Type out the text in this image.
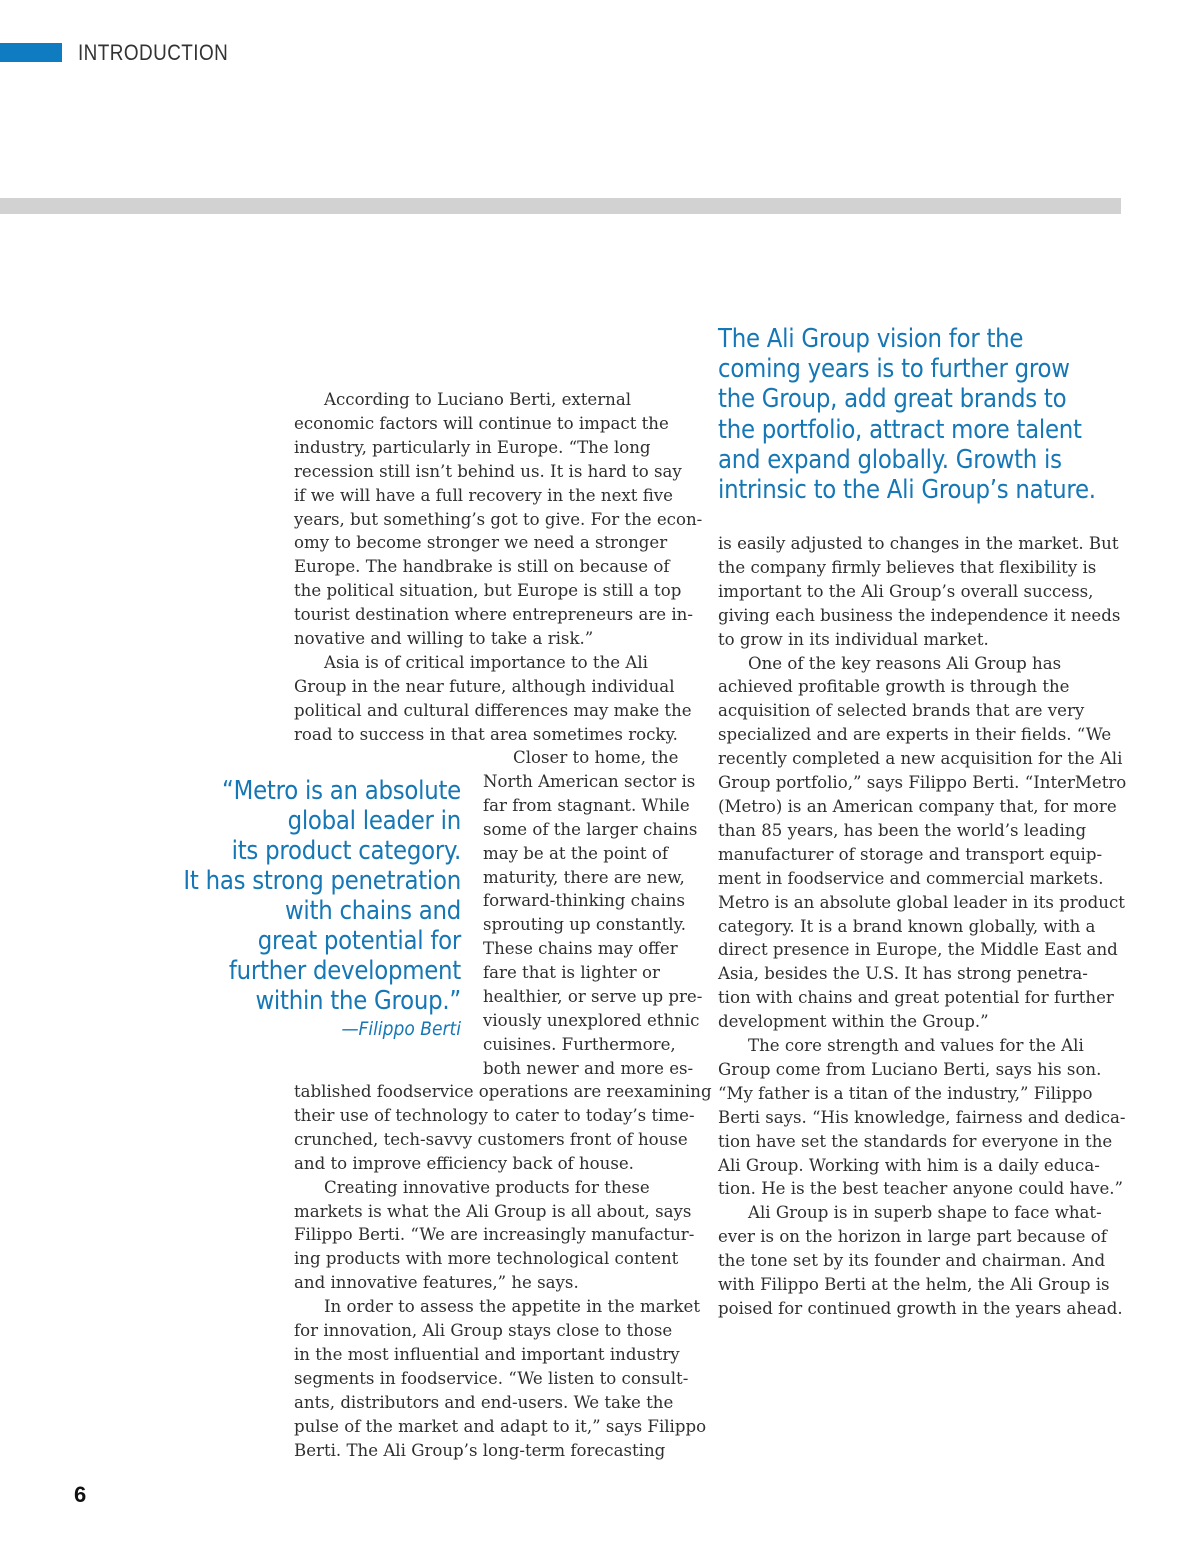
INTRODUCTION
The Ali Group vision for the
coming years is to further grow
the Group, add great brands to
the portfolio, attract more talent
and expand globally. Growth is
intrinsic to the Ali Group’s nature.
According to Luciano Berti, external
economic factors will continue to impact the
industry, particularly in Europe. “The long
recession still isn’t behind us. It is hard to say
if we will have a full recovery in the next five
years, but something’s got to give. For the econ-
omy to become stronger we need a stronger
Europe. The handbrake is still on because of
the political situation, but Europe is still a top
tourist destination where entrepreneurs are in-
novative and willing to take a risk.”
Asia is of critical importance to the Ali
Group in the near future, although individual
political and cultural differences may make the
road to success in that area sometimes rocky.
“Metro is an absolute
global leader in
its product category.
It has strong penetration
with chains and
great potential for
further development
within the Group.”
—Filippo Berti
Closer to home, the
North American sector is
far from stagnant. While
some of the larger chains
may be at the point of
maturity, there are new,
forward-thinking chains
sprouting up constantly.
These chains may offer
fare that is lighter or
healthier, or serve up pre-
viously unexplored ethnic
cuisines. Furthermore,
both newer and more es-
tablished foodservice operations are reexamining
their use of technology to cater to today’s time-
crunched, tech-savvy customers front of house
and to improve efficiency back of house.
Creating innovative products for these
markets is what the Ali Group is all about, says
Filippo Berti. “We are increasingly manufactur-
ing products with more technological content
and innovative features,” he says.
In order to assess the appetite in the market
for innovation, Ali Group stays close to those
in the most influential and important industry
segments in foodservice. “We listen to consult-
ants, distributors and end-users. We take the
pulse of the market and adapt to it,” says Filippo
Berti. The Ali Group’s long-term forecasting
is easily adjusted to changes in the market. But
the company firmly believes that flexibility is
important to the Ali Group’s overall success,
giving each business the independence it needs
to grow in its individual market.
One of the key reasons Ali Group has
achieved profitable growth is through the
acquisition of selected brands that are very
specialized and are experts in their fields. “We
recently completed a new acquisition for the Ali
Group portfolio,” says Filippo Berti. “InterMetro
(Metro) is an American company that, for more
than 85 years, has been the world’s leading
manufacturer of storage and transport equip-
ment in foodservice and commercial markets.
Metro is an absolute global leader in its product
category. It is a brand known globally, with a
direct presence in Europe, the Middle East and
Asia, besides the U.S. It has strong penetra-
tion with chains and great potential for further
development within the Group.”
The core strength and values for the Ali
Group come from Luciano Berti, says his son.
“My father is a titan of the industry,” Filippo
Berti says. “His knowledge, fairness and dedica-
tion have set the standards for everyone in the
Ali Group. Working with him is a daily educa-
tion. He is the best teacher anyone could have.”
Ali Group is in superb shape to face what-
ever is on the horizon in large part because of
the tone set by its founder and chairman. And
with Filippo Berti at the helm, the Ali Group is
poised for continued growth in the years ahead.
6
